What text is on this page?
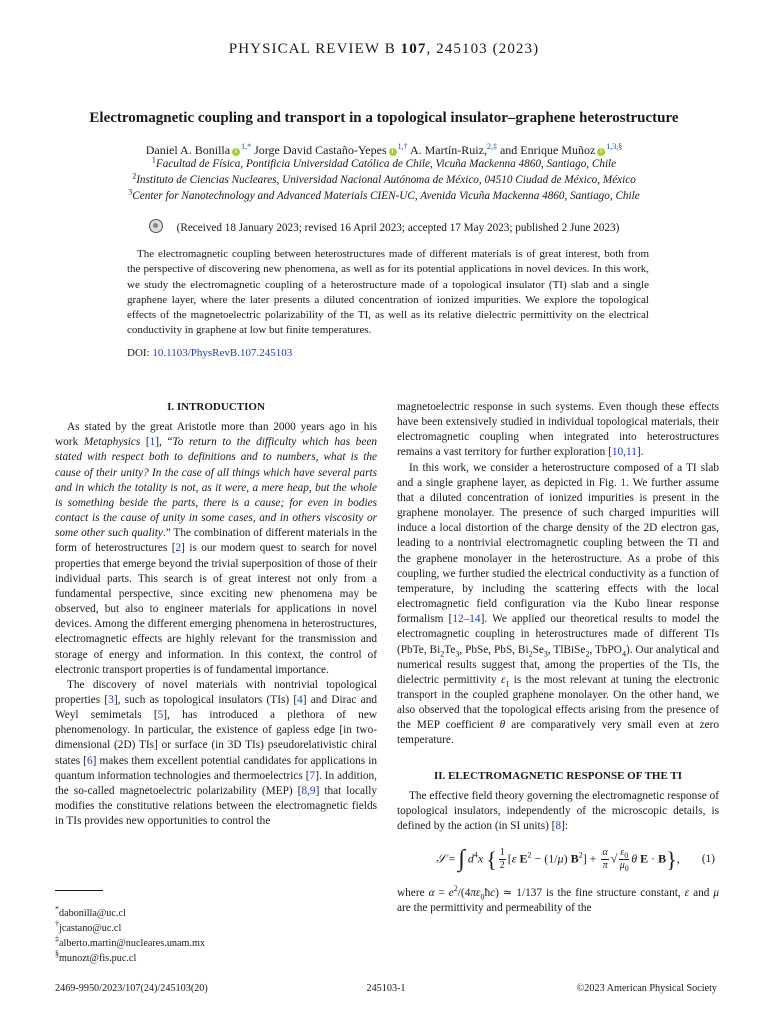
PHYSICAL REVIEW B 107, 245103 (2023)
Electromagnetic coupling and transport in a topological insulator–graphene heterostructure
Daniel A. Bonilla $i^{1,*}$ Jorge David Castaño-Yepes $i^{1,\dagger}$ A. Martín-Ruiz,$^{2,\ddagger}$ and Enrique Muñoz $i^{1,3,\S}$
$^1$Facultad de Física, Pontificia Universidad Católica de Chile, Vicuña Mackenna 4860, Santiago, Chile
$^2$Instituto de Ciencias Nucleares, Universidad Nacional Autónoma de México, 04510 Ciudad de México, México
$^3$Center for Nanotechnology and Advanced Materials CIEN-UC, Avenida Vicuña Mackenna 4860, Santiago, Chile
(Received 18 January 2023; revised 16 April 2023; accepted 17 May 2023; published 2 June 2023)
The electromagnetic coupling between heterostructures made of different materials is of great interest, both from the perspective of discovering new phenomena, as well as for its potential applications in novel devices. In this work, we study the electromagnetic coupling of a heterostructure made of a topological insulator (TI) slab and a single graphene layer, where the later presents a diluted concentration of ionized impurities. We explore the topological effects of the magnetoelectric polarizability of the TI, as well as its relative dielectric permittivity on the electrical conductivity in graphene at low but finite temperatures.
DOI: 10.1103/PhysRevB.107.245103
I. INTRODUCTION

As stated by the great Aristotle more than 2000 years ago in his work Metaphysics [1], “To return to the difficulty which has been stated with respect both to definitions and to numbers, what is the cause of their unity? In the case of all things which have several parts and in which the totality is not, as it were, a mere heap, but the whole is something beside the parts, there is a cause; for even in bodies contact is the cause of unity in some cases, and in others viscosity or some other such quality.” The combination of different materials in the form of heterostructures [2] is our modern quest to search for novel properties that emerge beyond the trivial superposition of those of their individual parts. This search is of great interest not only from a fundamental perspective, since exciting new phenomena may be observed, but also to engineer materials for applications in novel devices. Among the different emerging phenomena in heterostructures, electromagnetic effects are highly relevant for the transmission and storage of energy and information. In this context, the control of electronic transport properties is of fundamental importance.

The discovery of novel materials with nontrivial topological properties [3], such as topological insulators (TIs) [4] and Dirac and Weyl semimetals [5], has introduced a plethora of new phenomenology. In particular, the existence of gapless edge [in two-dimensional (2D) TIs] or surface (in 3D TIs) pseudorelativistic chiral states [6] makes them excellent potential candidates for applications in quantum information technologies and thermoelectrics [7]. In addition, the so-called magnetoelectric polarizability (MEP) [8,9] that locally modifies the constitutive relations between the electromagnetic fields in TIs provides new opportunities to control the

magnetoelectric response in such systems. Even though these effects have been extensively studied in individual topological materials, their electromagnetic coupling when integrated into heterostructures remains a vast territory for further exploration [10,11].

In this work, we consider a heterostructure composed of a TI slab and a single graphene layer, as depicted in Fig. 1. We further assume that a diluted concentration of ionized impurities is present in the graphene monolayer. The presence of such charged impurities will induce a local distortion of the charge density of the 2D electron gas, leading to a nontrivial electromagnetic coupling between the TI and the graphene monolayer in the heterostructure. As a probe of this coupling, we further studied the electrical conductivity as a function of temperature, by including the scattering effects with the local electromagnetic field configuration via the Kubo linear response formalism [12–14]. We applied our theoretical results to model the electromagnetic coupling in heterostructures made of different TIs (PbTe, $Bi_2Te_3$, PbSe, PbS, $Bi_2Se_3$, TlBiSe$_2$, TbPO$_4$). Our analytical and numerical results suggest that, among the properties of the TIs, the dielectric permittivity $\varepsilon_1$ is the most relevant at tuning the electronic transport in the coupled graphene monolayer. On the other hand, we also observed that the topological effects arising from the presence of the MEP coefficient θ are comparatively very small even at zero temperature.

II. ELECTROMAGNETIC RESPONSE OF THE TI

The effective field theory governing the electromagnetic response of topological insulators, independently of the microscopic details, is defined by the action (in SI units) [8]:

𝒮 = ∫ $d^4x$ { $\frac{1}{2} [\varepsilon$ $E^2 - (1/\mu) B^2] + \frac{\alpha}{\pi}$ √ $\frac{\varepsilon_0}{\mu_0}$ θ E · B}, (1)

where $\alpha = e^2/(4\pi\varepsilon_0ħc)$ ≃ 1/137 is the fine structure constant, ε and μ are the permittivity and permeability of the

*dabonilla@uc.cl
†jcastano@uc.cl
‡alberto.martin@nucleares.unam.mx
§munozt@fis.puc.cl
245103-1
2469-9950/2023/107(24)/245103(20)	©2023 American Physical Society
